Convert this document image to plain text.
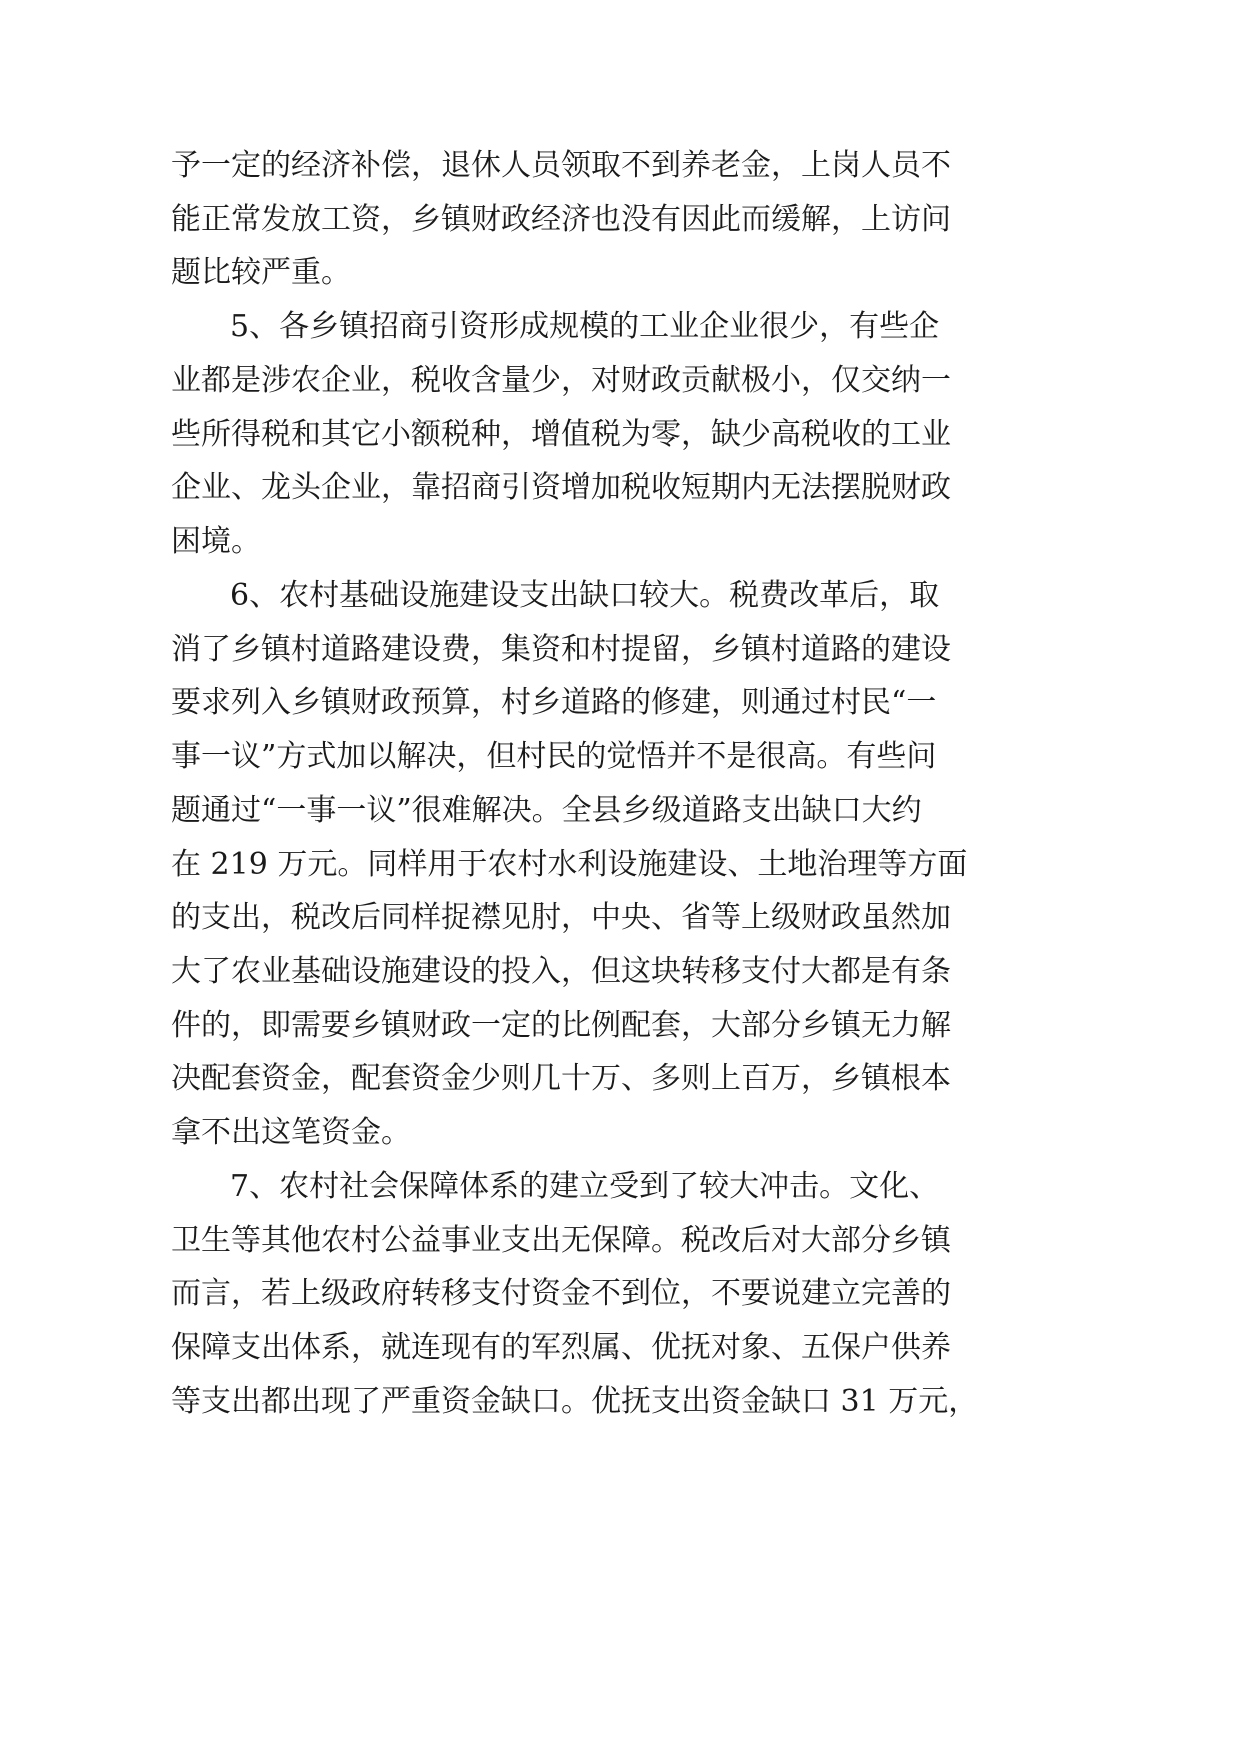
予一定的经济补偿，退休人员领取不到养老金，上岗人员不
能正常发放工资，乡镇财政经济也没有因此而缓解，上访问
题比较严重。
5、各乡镇招商引资形成规模的工业企业很少，有些企
业都是涉农企业，税收含量少，对财政贡献极小，仅交纳一
些所得税和其它小额税种，增值税为零，缺少高税收的工业
企业、龙头企业，靠招商引资增加税收短期内无法摆脱财政
困境。
6、农村基础设施建设支出缺口较大。税费改革后，取
消了乡镇村道路建设费，集资和村提留，乡镇村道路的建设
要求列入乡镇财政预算，村乡道路的修建，则通过村民“一
事一议”方式加以解决，但村民的觉悟并不是很高。有些问
题通过“一事一议”很难解决。全县乡级道路支出缺口大约
在 219 万元。同样用于农村水利设施建设、土地治理等方面
的支出，税改后同样捉襟见肘，中央、省等上级财政虽然加
大了农业基础设施建设的投入，但这块转移支付大都是有条
件的，即需要乡镇财政一定的比例配套，大部分乡镇无力解
决配套资金，配套资金少则几十万、多则上百万，乡镇根本
拿不出这笔资金。
7、农村社会保障体系的建立受到了较大冲击。文化、
卫生等其他农村公益事业支出无保障。税改后对大部分乡镇
而言，若上级政府转移支付资金不到位，不要说建立完善的
保障支出体系，就连现有的军烈属、优抚对象、五保户供养
等支出都出现了严重资金缺口。优抚支出资金缺口 31 万元，
